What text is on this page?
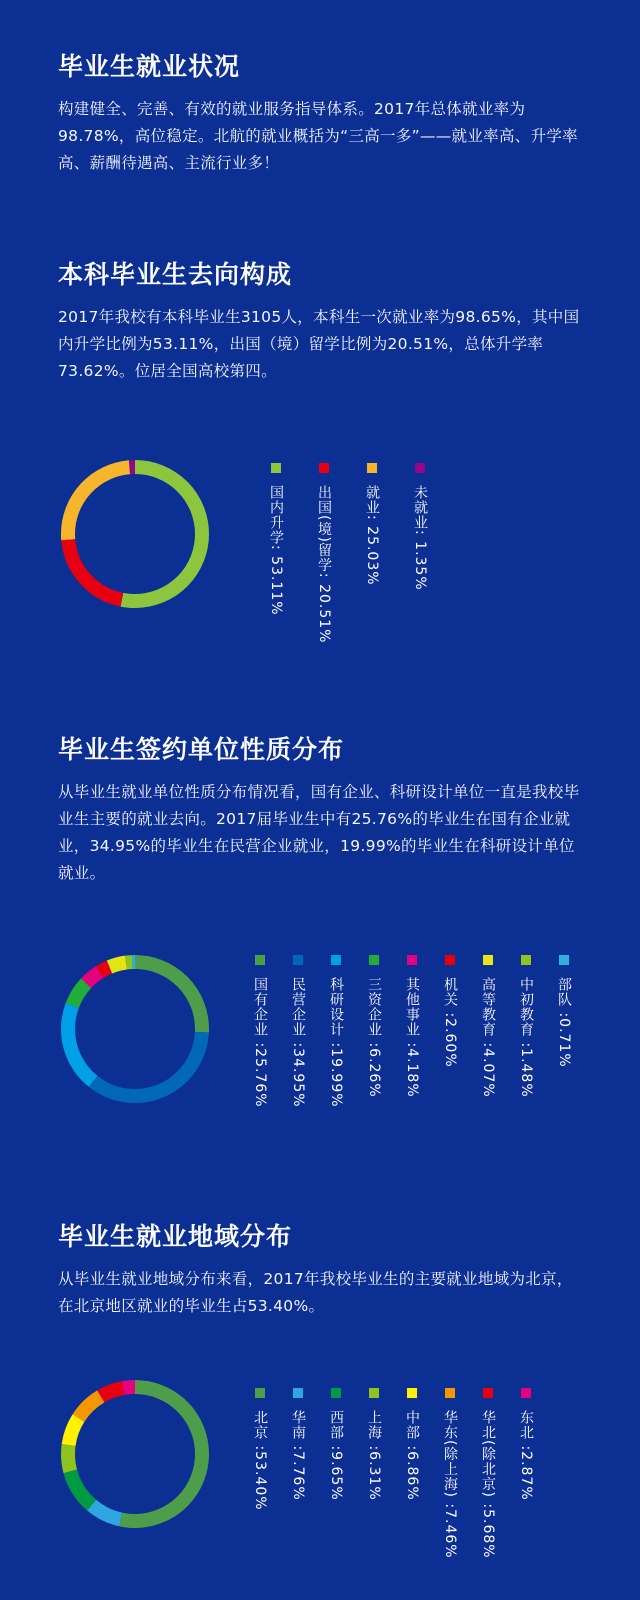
毕业生就业状况

构建健全、完善、有效的就业服务指导体系。2017年总体就业率为98.78%，高位稳定。北航的就业概括为“三高一多”——就业率高、升学率高、薪酬待遇高、主流行业多！

本科毕业生去向构成

2017年我校有本科毕业生3105人，本科生一次就业率为98.65%，其中国内升学比例为53.11%，出国（境）留学比例为20.51%，总体升学率73.62%。位居全国高校第四。

国内升学: 53.11% 出国(境)留学: 20.51% 就业: 25.03% 未就业: 1.35%
毕业生签约单位性质分布

从毕业生就业单位性质分布情况看，国有企业、科研设计单位一直是我校毕业生主要的就业去向。2017届毕业生中有25.76%的毕业生在国有企业就业，34.95%的毕业生在民营企业就业，19.99%的毕业生在科研设计单位就业。

国有企业 :25.76% 民营企业 :34.95% 科研设计 :19.99% 三资企业 :6.26% 其他事业 :4.18% 机关 :2.60% 高等教育 :4.07% 中初教育 :1.48% 部队 :0.71%
毕业生就业地域分布

从毕业生就业地域分布来看，2017年我校毕业生的主要就业地域为北京，在北京地区就业的毕业生占53.40%。

北京 :53.40% 华南 :7.76% 西部 :9.65% 上海 :6.31% 中部 :6.86% 华东(除上海) :7.46% 华北(除北京) :5.68% 东北 :2.87%
